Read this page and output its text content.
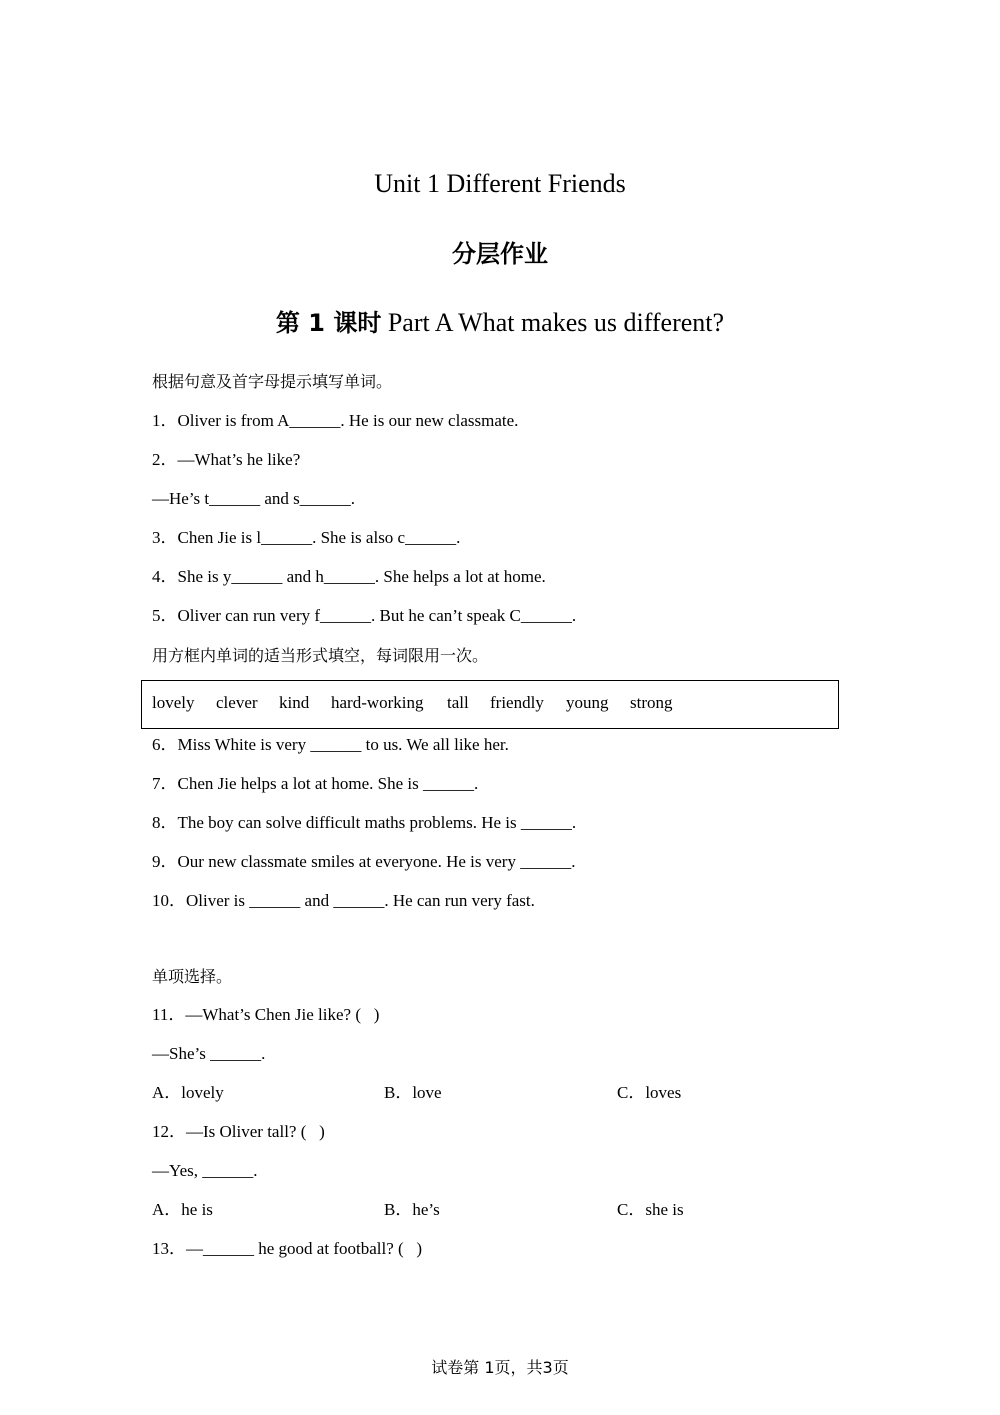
Unit 1 Different Friends
分层作业
第 1 课时 Part A What makes us different?
根据句意及首字母提示填写单词。
1．Oliver is from A______. He is our new classmate.
2．—What’s he like?
—He’s t______ and s______.
3．Chen Jie is l______. She is also c______.
4．She is y______ and h______. She helps a lot at home.
5．Oliver can run very f______. But he can’t speak C______.
用方框内单词的适当形式填空，每词限用一次。
lovely clever kind hard-working tall friendly young strong
6．Miss White is very ______ to us. We all like her.
7．Chen Jie helps a lot at home. She is ______.
8．The boy can solve difficult maths problems. He is ______.
9．Our new classmate smiles at everyone. He is very ______.
10．Oliver is ______ and ______. He can run very fast.
单项选择。
11．—What’s Chen Jie like? (   )
—She’s ______.
A．lovely	B．love	C．loves
12．—Is Oliver tall? (   )
—Yes, ______.
A．he is	B．he’s	C．she is
13．—______ he good at football? (   )
试卷第 1页，共3页
